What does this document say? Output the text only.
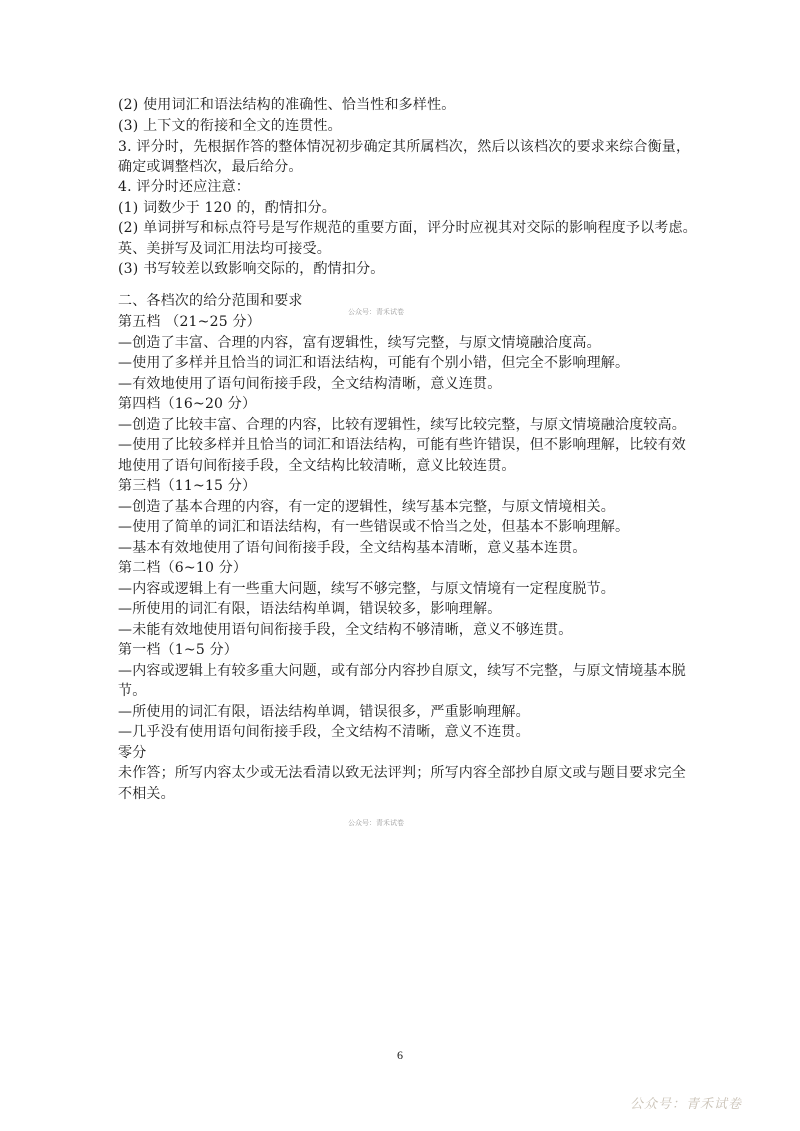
(2) 使用词汇和语法结构的准确性、恰当性和多样性。
(3) 上下文的衔接和全文的连贯性。
3. 评分时，先根据作答的整体情况初步确定其所属档次，然后以该档次的要求来综合衡量，
确定或调整档次，最后给分。
4. 评分时还应注意：
(1) 词数少于 120 的，酌情扣分。
(2) 单词拼写和标点符号是写作规范的重要方面，评分时应视其对交际的影响程度予以考虑。
英、美拼写及词汇用法均可接受。
(3) 书写较差以致影响交际的，酌情扣分。
二、各档次的给分范围和要求
公众号：青禾试卷
第五档 （21~25 分）
—创造了丰富、合理的内容，富有逻辑性，续写完整，与原文情境融洽度高。
—使用了多样并且恰当的词汇和语法结构，可能有个别小错，但完全不影响理解。
—有效地使用了语句间衔接手段，全文结构清晰，意义连贯。
第四档（16~20 分）
—创造了比较丰富、合理的内容，比较有逻辑性，续写比较完整，与原文情境融洽度较高。
—使用了比较多样并且恰当的词汇和语法结构，可能有些许错误，但不影响理解，比较有效
地使用了语句间衔接手段，全文结构比较清晰，意义比较连贯。
第三档（11~15 分）
—创造了基本合理的内容，有一定的逻辑性，续写基本完整，与原文情境相关。
—使用了简单的词汇和语法结构，有一些错误或不恰当之处，但基本不影响理解。
—基本有效地使用了语句间衔接手段，全文结构基本清晰，意义基本连贯。
第二档（6~10 分）
—内容或逻辑上有一些重大问题，续写不够完整，与原文情境有一定程度脱节。
—所使用的词汇有限，语法结构单调，错误较多，影响理解。
—未能有效地使用语句间衔接手段，全文结构不够清晰，意义不够连贯。
第一档（1~5 分）
—内容或逻辑上有较多重大问题，或有部分内容抄自原文，续写不完整，与原文情境基本脱
节。
—所使用的词汇有限，语法结构单调，错误很多，严重影响理解。
—几乎没有使用语句间衔接手段，全文结构不清晰，意义不连贯。
零分
未作答；所写内容太少或无法看清以致无法评判；所写内容全部抄自原文或与题目要求完全
不相关。
公众号：青禾试卷
6
公众号：青禾试卷
